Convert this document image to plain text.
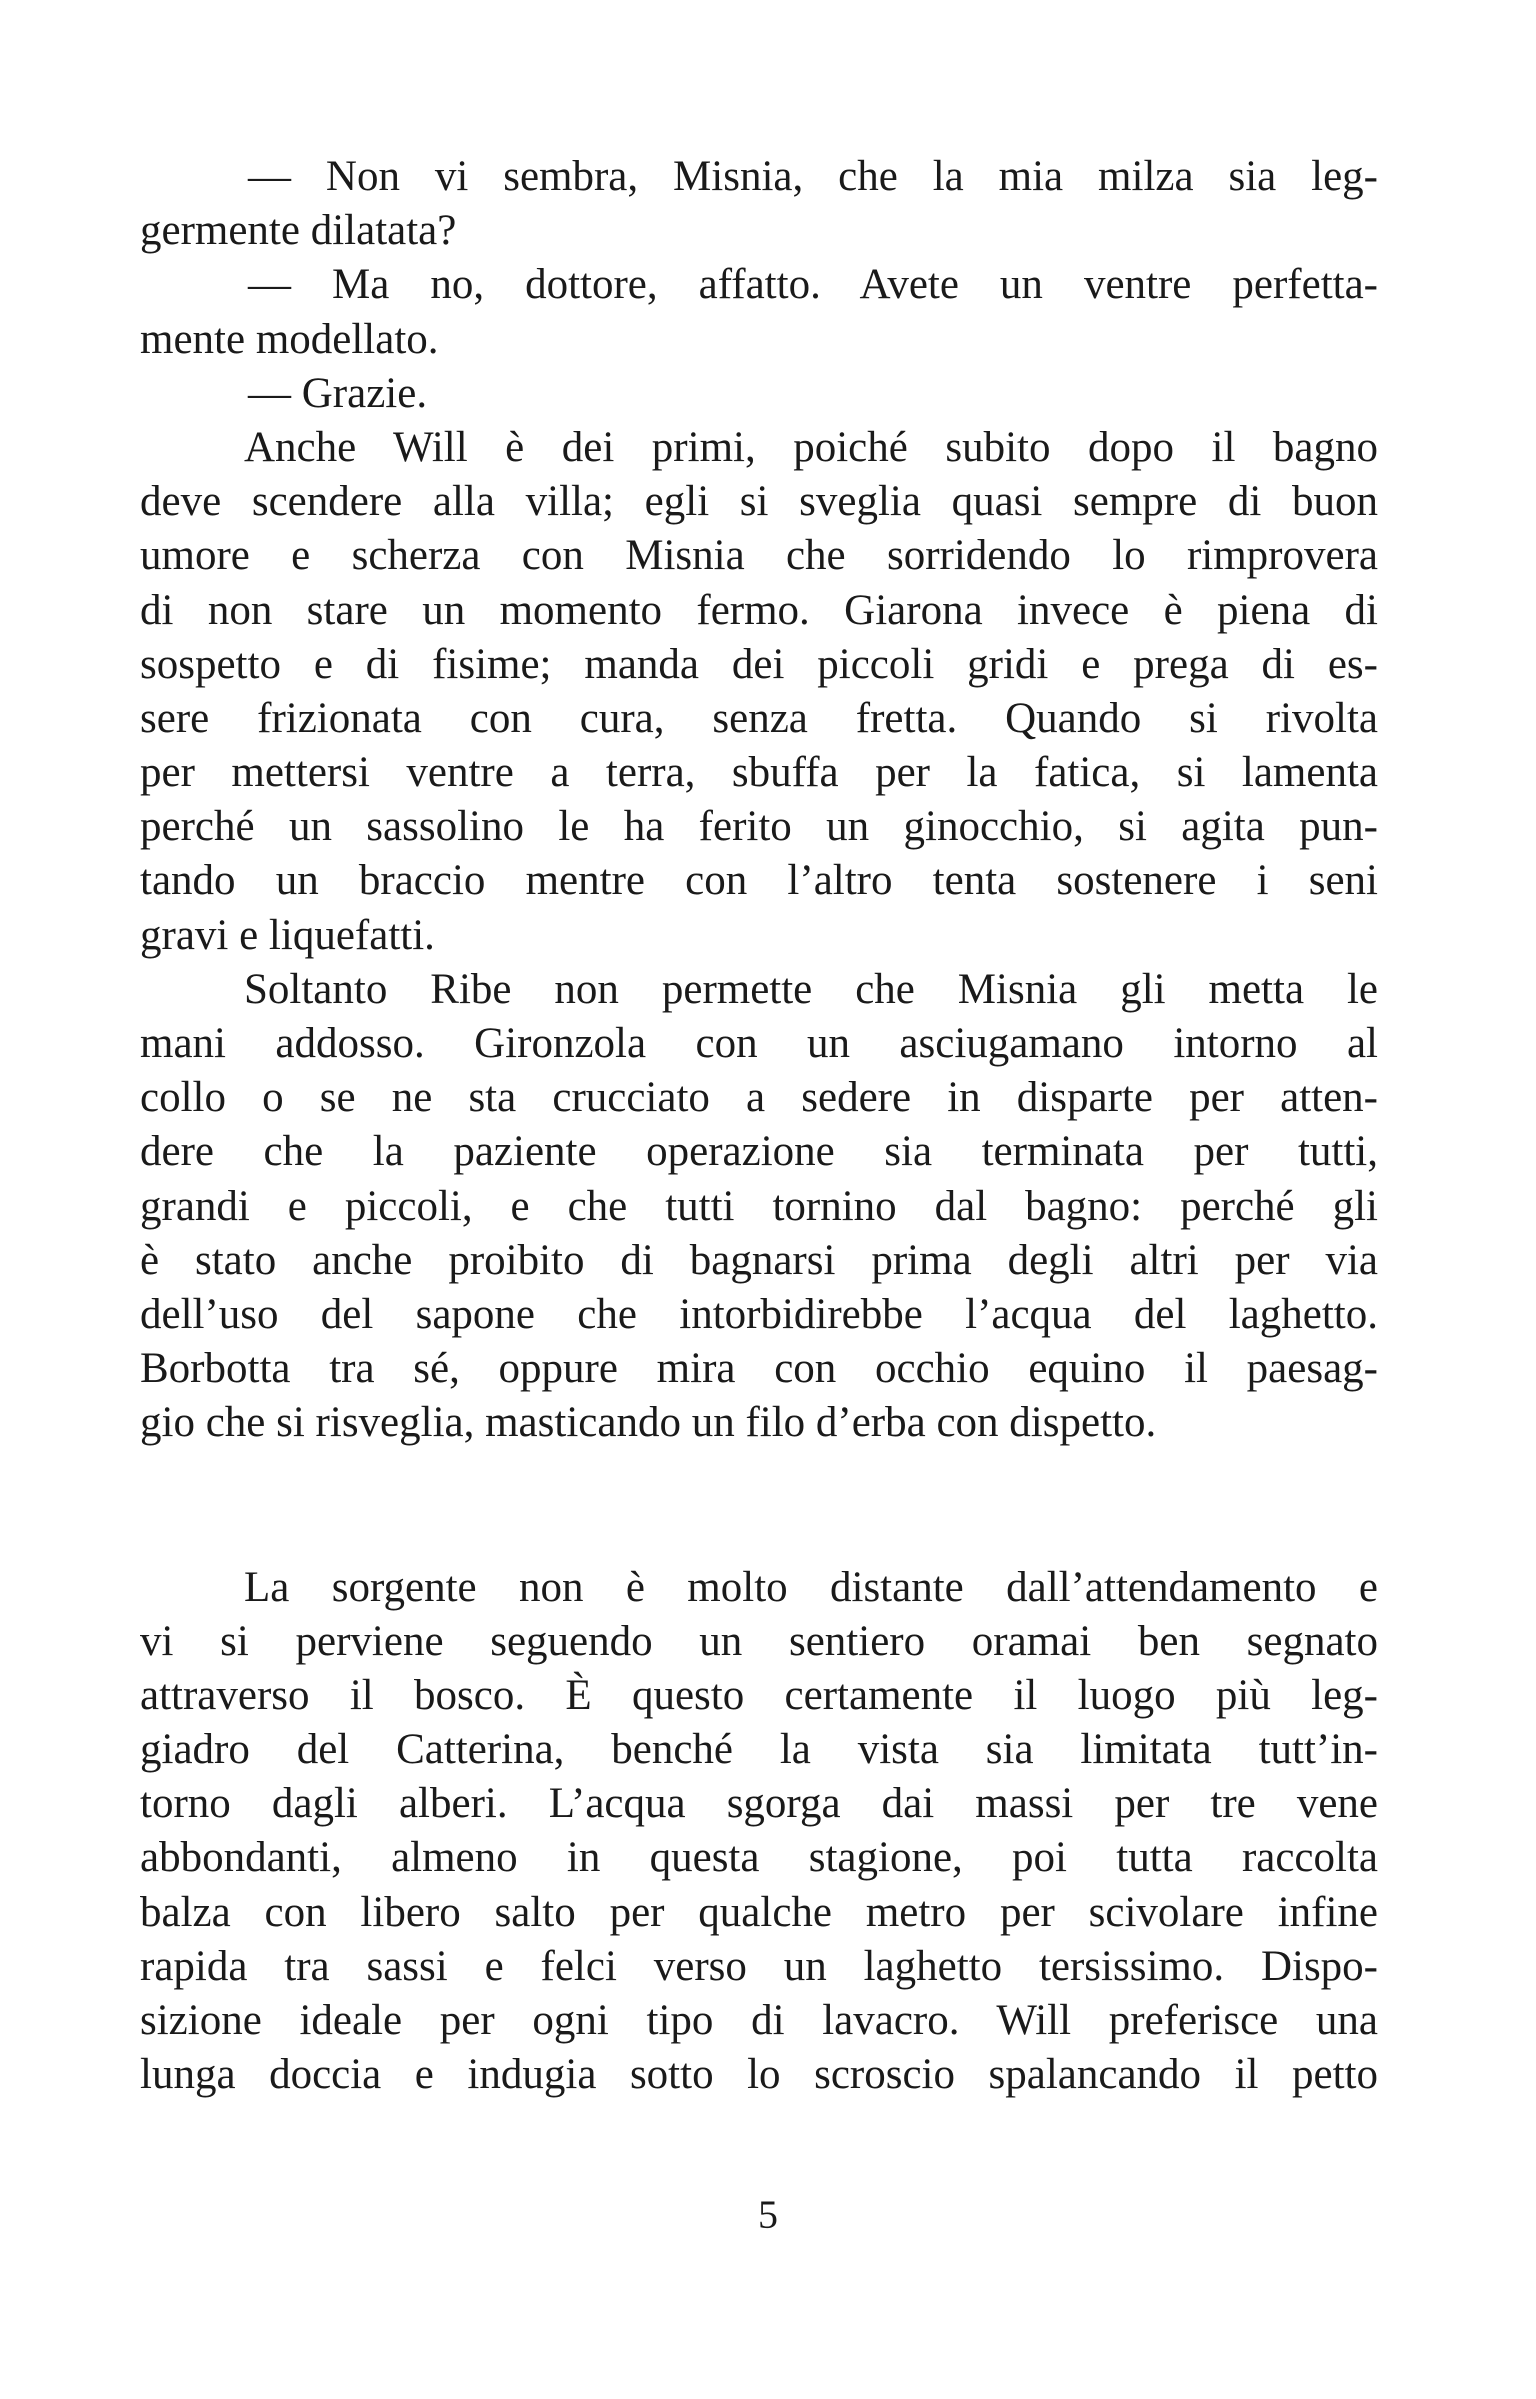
— Non vi sembra, Misnia, che la mia milza sia leg-
germente dilatata?
— Ma no, dottore, affatto. Avete un ventre perfetta-
mente modellato.
— Grazie.
Anche Will è dei primi, poiché subito dopo il bagno
deve scendere alla villa; egli si sveglia quasi sempre di buon
umore e scherza con Misnia che sorridendo lo rimprovera
di non stare un momento fermo. Giarona invece è piena di
sospetto e di fisime; manda dei piccoli gridi e prega di es-
sere frizionata con cura, senza fretta. Quando si rivolta
per mettersi ventre a terra, sbuffa per la fatica, si lamenta
perché un sassolino le ha ferito un ginocchio, si agita pun-
tando un braccio mentre con l’altro tenta sostenere i seni
gravi e liquefatti.
Soltanto Ribe non permette che Misnia gli metta le
mani addosso. Gironzola con un asciugamano intorno al
collo o se ne sta crucciato a sedere in disparte per atten-
dere che la paziente operazione sia terminata per tutti,
grandi e piccoli, e che tutti tornino dal bagno: perché gli
è stato anche proibito di bagnarsi prima degli altri per via
dell’uso del sapone che intorbidirebbe l’acqua del laghetto.
Borbotta tra sé, oppure mira con occhio equino il paesag-
gio che si risveglia, masticando un filo d’erba con dispetto.
La sorgente non è molto distante dall’attendamento e
vi si perviene seguendo un sentiero oramai ben segnato
attraverso il bosco. È questo certamente il luogo più leg-
giadro del Catterina, benché la vista sia limitata tutt’in-
torno dagli alberi. L’acqua sgorga dai massi per tre vene
abbondanti, almeno in questa stagione, poi tutta raccolta
balza con libero salto per qualche metro per scivolare infine
rapida tra sassi e felci verso un laghetto tersissimo. Dispo-
sizione ideale per ogni tipo di lavacro. Will preferisce una
lunga doccia e indugia sotto lo scroscio spalancando il petto
5
